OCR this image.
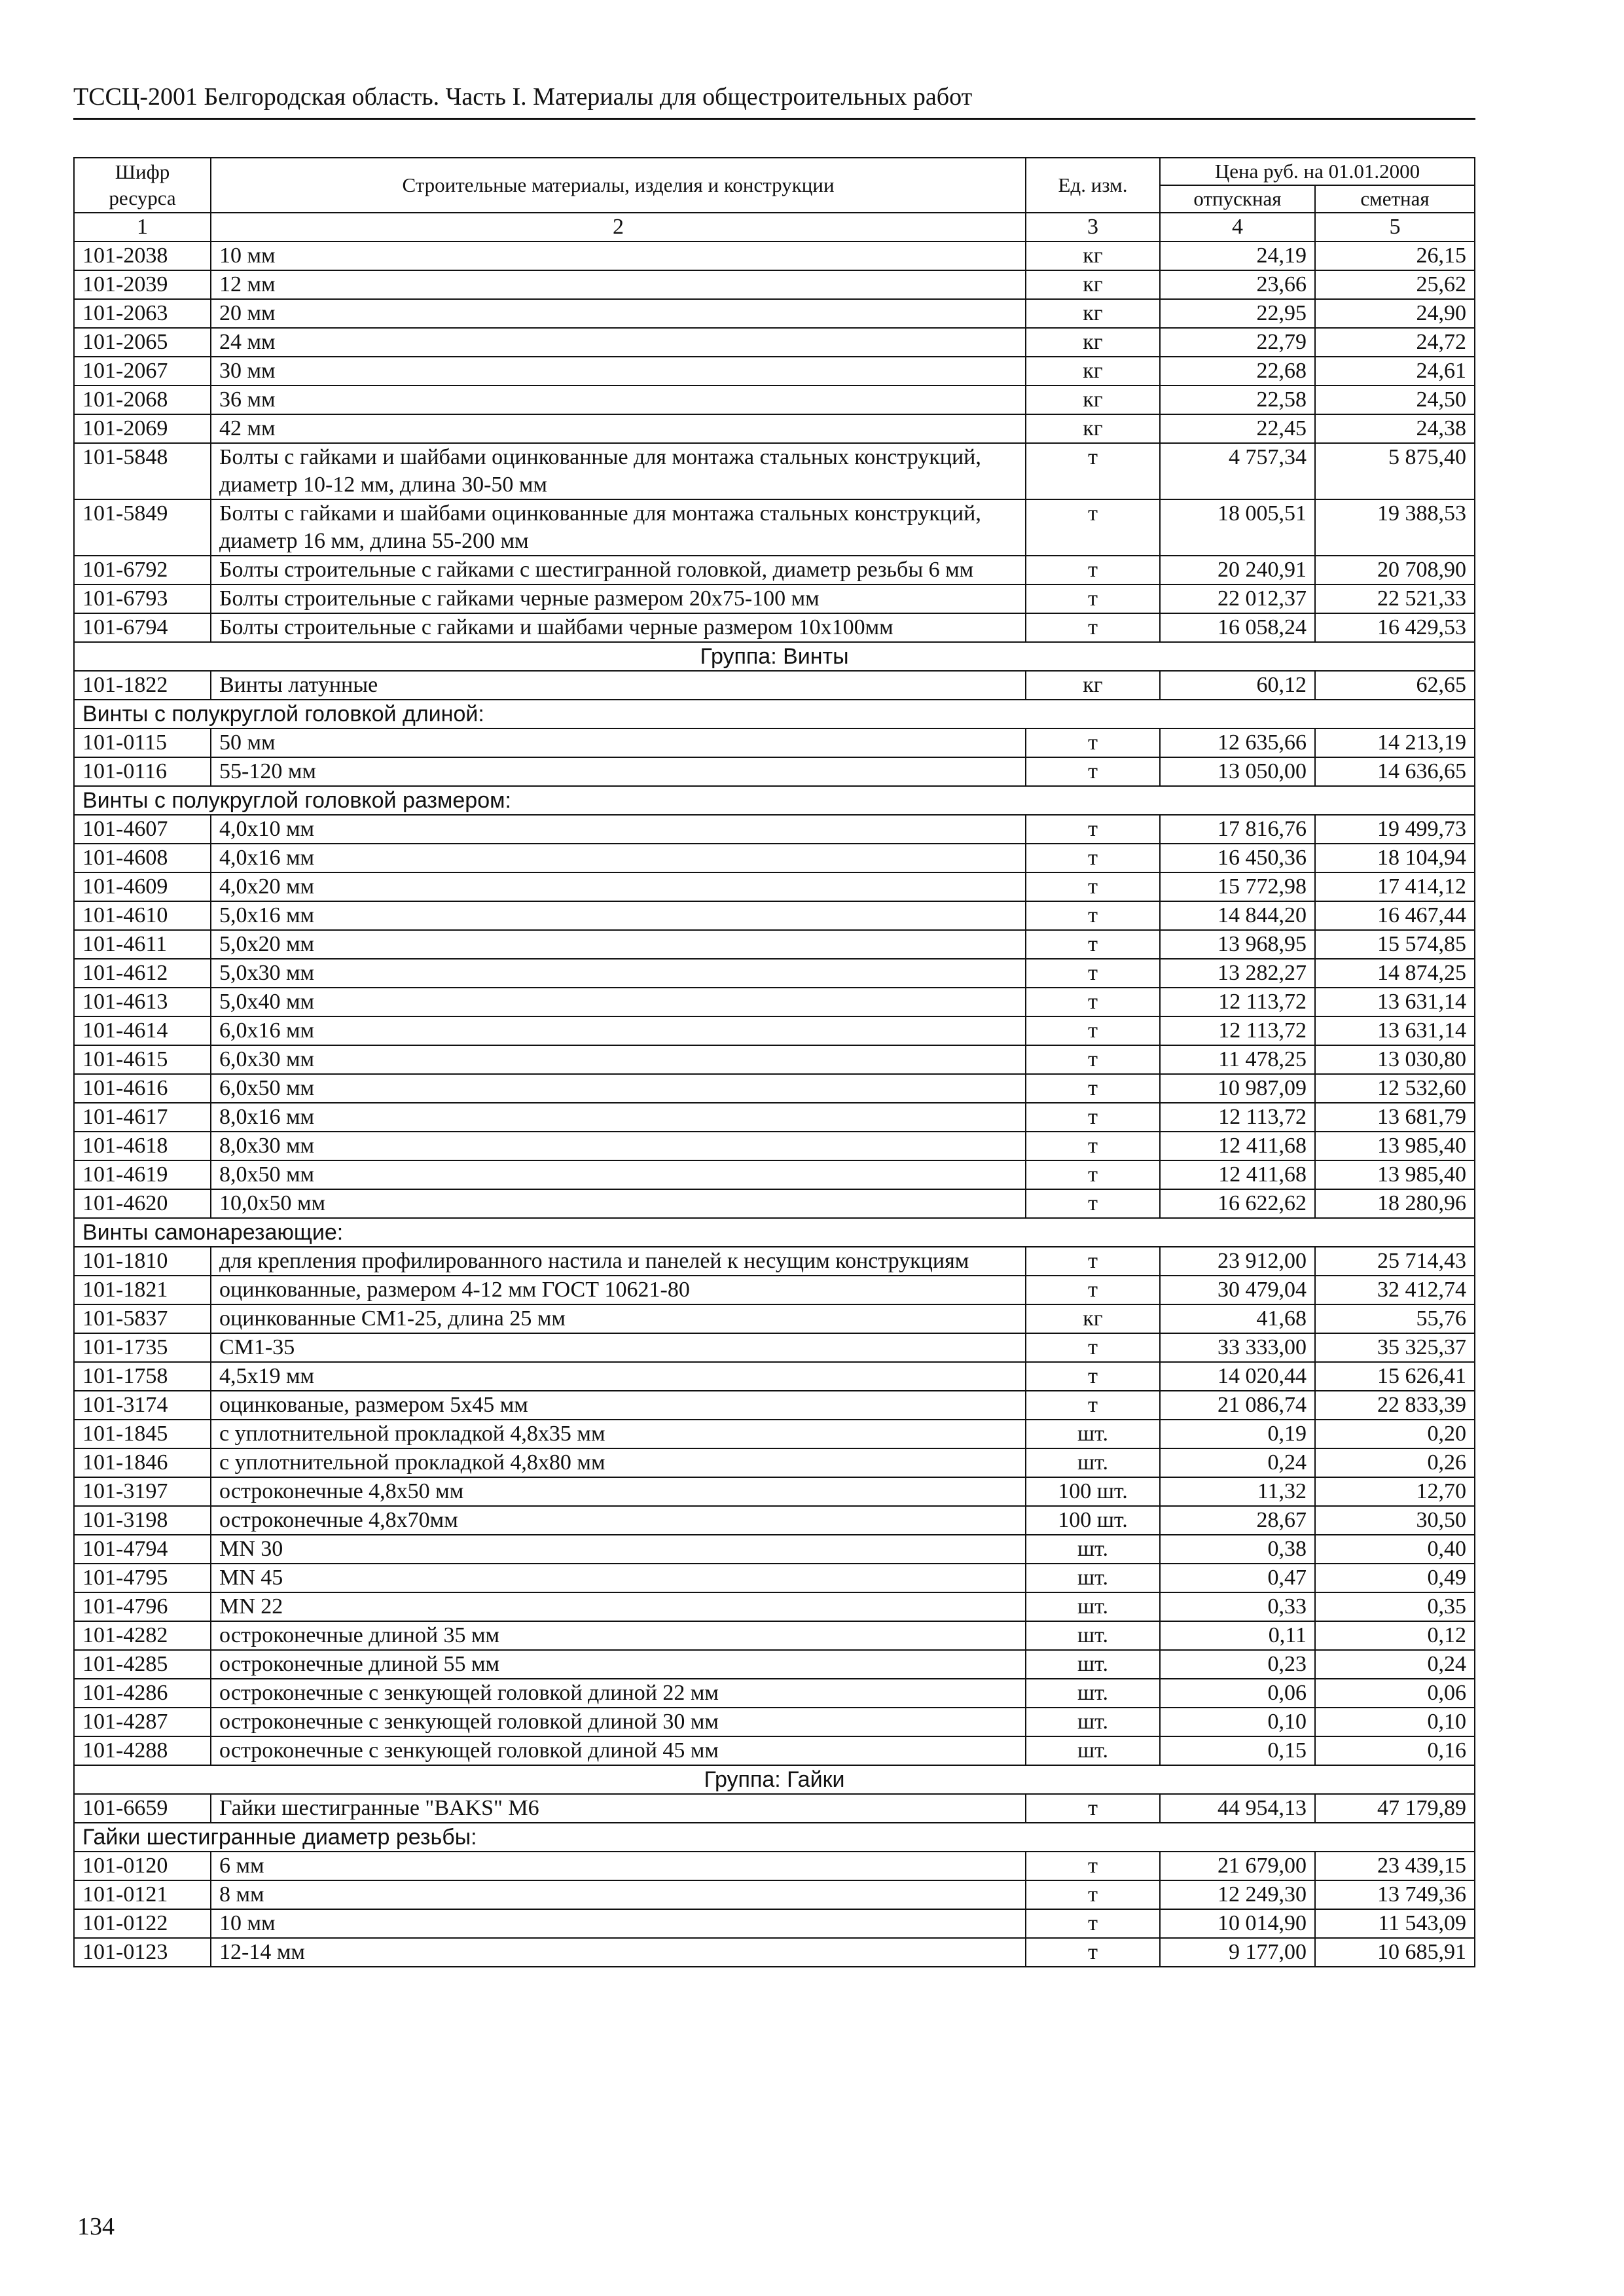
ТССЦ-2001 Белгородская область. Часть I. Материалы для общестроительных работ
Шифр ресурса	Строительные материалы, изделия и конструкции	Ед. изм.	Цена руб. на 01.01.2000	
			отпускная	сметная
1	2	3	4	5
101-2038	10 мм	кг	24,19	26,15
101-2039	12 мм	кг	23,66	25,62
101-2063	20 мм	кг	22,95	24,90
101-2065	24 мм	кг	22,79	24,72
101-2067	30 мм	кг	22,68	24,61
101-2068	36 мм	кг	22,58	24,50
101-2069	42 мм	кг	22,45	24,38
101-5848	Болты с гайками и шайбами оцинкованные для монтажа стальных конструкций, диаметр 10-12 мм, длина 30-50 мм	т	4 757,34	5 875,40
101-5849	Болты с гайками и шайбами оцинкованные для монтажа стальных конструкций, диаметр 16 мм, длина 55-200 мм	т	18 005,51	19 388,53
101-6792	Болты строительные с гайками с шестигранной головкой, диаметр резьбы 6 мм	т	20 240,91	20 708,90
101-6793	Болты строительные с гайками черные размером 20х75-100 мм	т	22 012,37	22 521,33
101-6794	Болты строительные с гайками и шайбами черные размером 10х100мм	т	16 058,24	16 429,53
Группа: Винты				
101-1822	Винты латунные	кг	60,12	62,65
Винты с полукруглой головкой длиной:				
101-0115	50 мм	т	12 635,66	14 213,19
101-0116	55-120 мм	т	13 050,00	14 636,65
Винты с полукруглой головкой размером:				
101-4607	4,0х10 мм	т	17 816,76	19 499,73
101-4608	4,0х16 мм	т	16 450,36	18 104,94
101-4609	4,0х20 мм	т	15 772,98	17 414,12
101-4610	5,0х16 мм	т	14 844,20	16 467,44
101-4611	5,0х20 мм	т	13 968,95	15 574,85
101-4612	5,0х30 мм	т	13 282,27	14 874,25
101-4613	5,0х40 мм	т	12 113,72	13 631,14
101-4614	6,0х16 мм	т	12 113,72	13 631,14
101-4615	6,0х30 мм	т	11 478,25	13 030,80
101-4616	6,0х50 мм	т	10 987,09	12 532,60
101-4617	8,0х16 мм	т	12 113,72	13 681,79
101-4618	8,0х30 мм	т	12 411,68	13 985,40
101-4619	8,0х50 мм	т	12 411,68	13 985,40
101-4620	10,0х50 мм	т	16 622,62	18 280,96
Винты самонарезающие:				
101-1810	для крепления профилированного настила и панелей к несущим конструкциям	т	23 912,00	25 714,43
101-1821	оцинкованные, размером 4-12 мм ГОСТ 10621-80	т	30 479,04	32 412,74
101-5837	оцинкованные СМ1-25, длина 25 мм	кг	41,68	55,76
101-1735	СМ1-35	т	33 333,00	35 325,37
101-1758	4,5х19 мм	т	14 020,44	15 626,41
101-3174	оцинкованые, размером 5х45 мм	т	21 086,74	22 833,39
101-1845	с уплотнительной прокладкой 4,8х35 мм	шт.	0,19	0,20
101-1846	с уплотнительной прокладкой 4,8х80 мм	шт.	0,24	0,26
101-3197	остроконечные 4,8х50 мм	100 шт.	11,32	12,70
101-3198	остроконечные 4,8х70мм	100 шт.	28,67	30,50
101-4794	MN 30	шт.	0,38	0,40
101-4795	MN 45	шт.	0,47	0,49
101-4796	MN 22	шт.	0,33	0,35
101-4282	остроконечные длиной 35 мм	шт.	0,11	0,12
101-4285	остроконечные длиной 55 мм	шт.	0,23	0,24
101-4286	остроконечные с зенкующей головкой длиной 22 мм	шт.	0,06	0,06
101-4287	остроконечные с зенкующей головкой длиной 30 мм	шт.	0,10	0,10
101-4288	остроконечные с зенкующей головкой длиной 45 мм	шт.	0,15	0,16
Группа: Гайки				
101-6659	Гайки шестигранные "BAKS" М6	т	44 954,13	47 179,89
Гайки шестигранные диаметр резьбы:				
101-0120	6 мм	т	21 679,00	23 439,15
101-0121	8 мм	т	12 249,30	13 749,36
101-0122	10 мм	т	10 014,90	11 543,09
101-0123	12-14 мм	т	9 177,00	10 685,91
134
